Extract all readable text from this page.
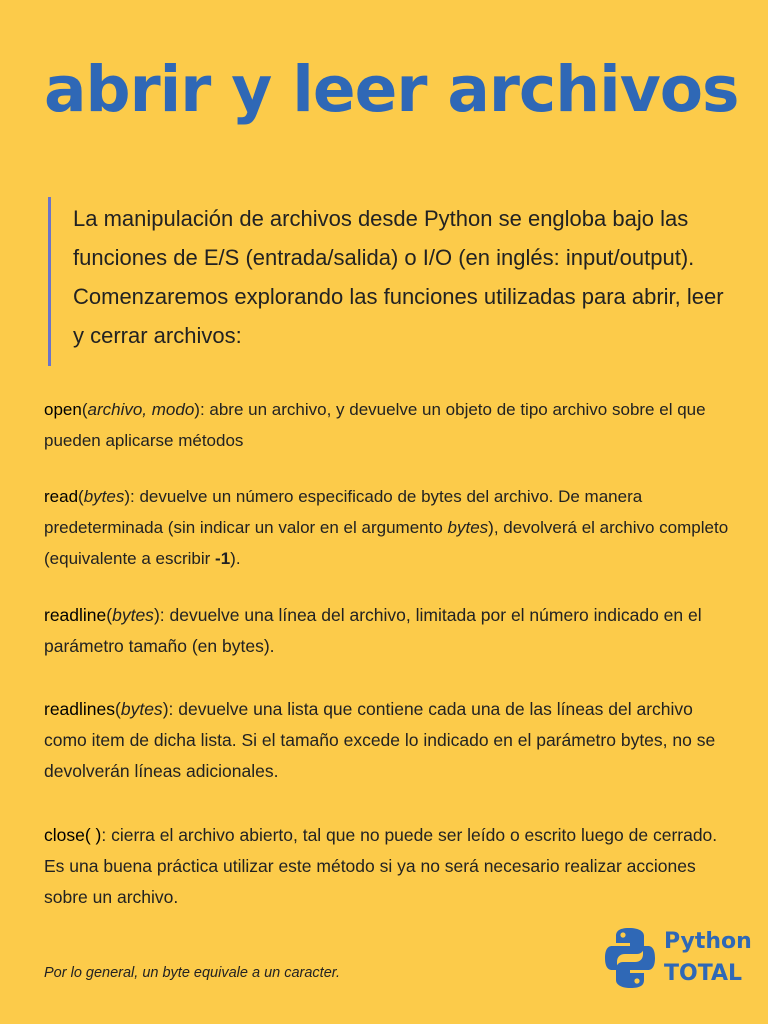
abrir y leer archivos

La manipulación de archivos desde Python se engloba bajo las funciones de E/S (entrada/salida) o I/O (en inglés: input/output). Comenzaremos explorando las funciones utilizadas para abrir, leer y cerrar archivos:

open(archivo, modo): abre un archivo, y devuelve un objeto de tipo archivo sobre el que pueden aplicarse métodos

read(bytes): devuelve un número especificado de bytes del archivo. De manera predeterminada (sin indicar un valor en el argumento bytes), devolverá el archivo completo (equivalente a escribir -1).

readline(bytes): devuelve una línea del archivo, limitada por el número indicado en el parámetro tamaño (en bytes).

readlines(bytes): devuelve una lista que contiene cada una de las líneas del archivo como item de dicha lista. Si el tamaño excede lo indicado en el parámetro bytes, no se devolverán líneas adicionales.

close( ): cierra el archivo abierto, tal que no puede ser leído o escrito luego de cerrado. Es una buena práctica utilizar este método si ya no será necesario realizar acciones sobre un archivo.

Por lo general, un byte equivale a un caracter.

Python
TOTAL
